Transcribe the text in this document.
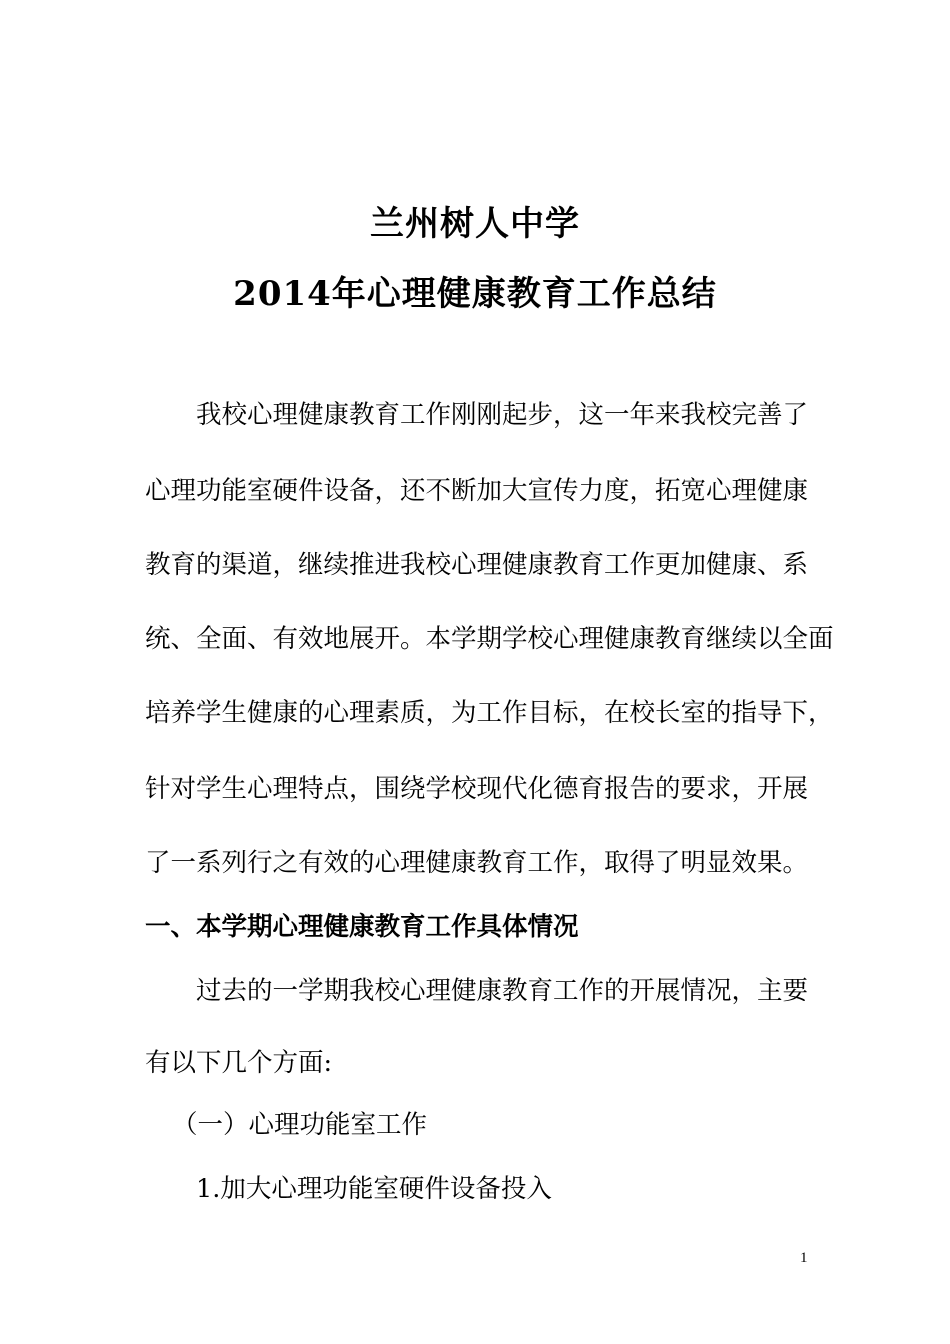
兰州树人中学
2014年心理健康教育工作总结
我校心理健康教育工作刚刚起步，这一年来我校完善了
心理功能室硬件设备，还不断加大宣传力度，拓宽心理健康
教育的渠道，继续推进我校心理健康教育工作更加健康、系
统、全面、有效地展开。本学期学校心理健康教育继续以全面
培养学生健康的心理素质，为工作目标，在校长室的指导下，
针对学生心理特点，围绕学校现代化德育报告的要求，开展
了一系列行之有效的心理健康教育工作，取得了明显效果。
一、本学期心理健康教育工作具体情况
过去的一学期我校心理健康教育工作的开展情况，主要
有以下几个方面:
（一）心理功能室工作
1.加大心理功能室硬件设备投入
1
